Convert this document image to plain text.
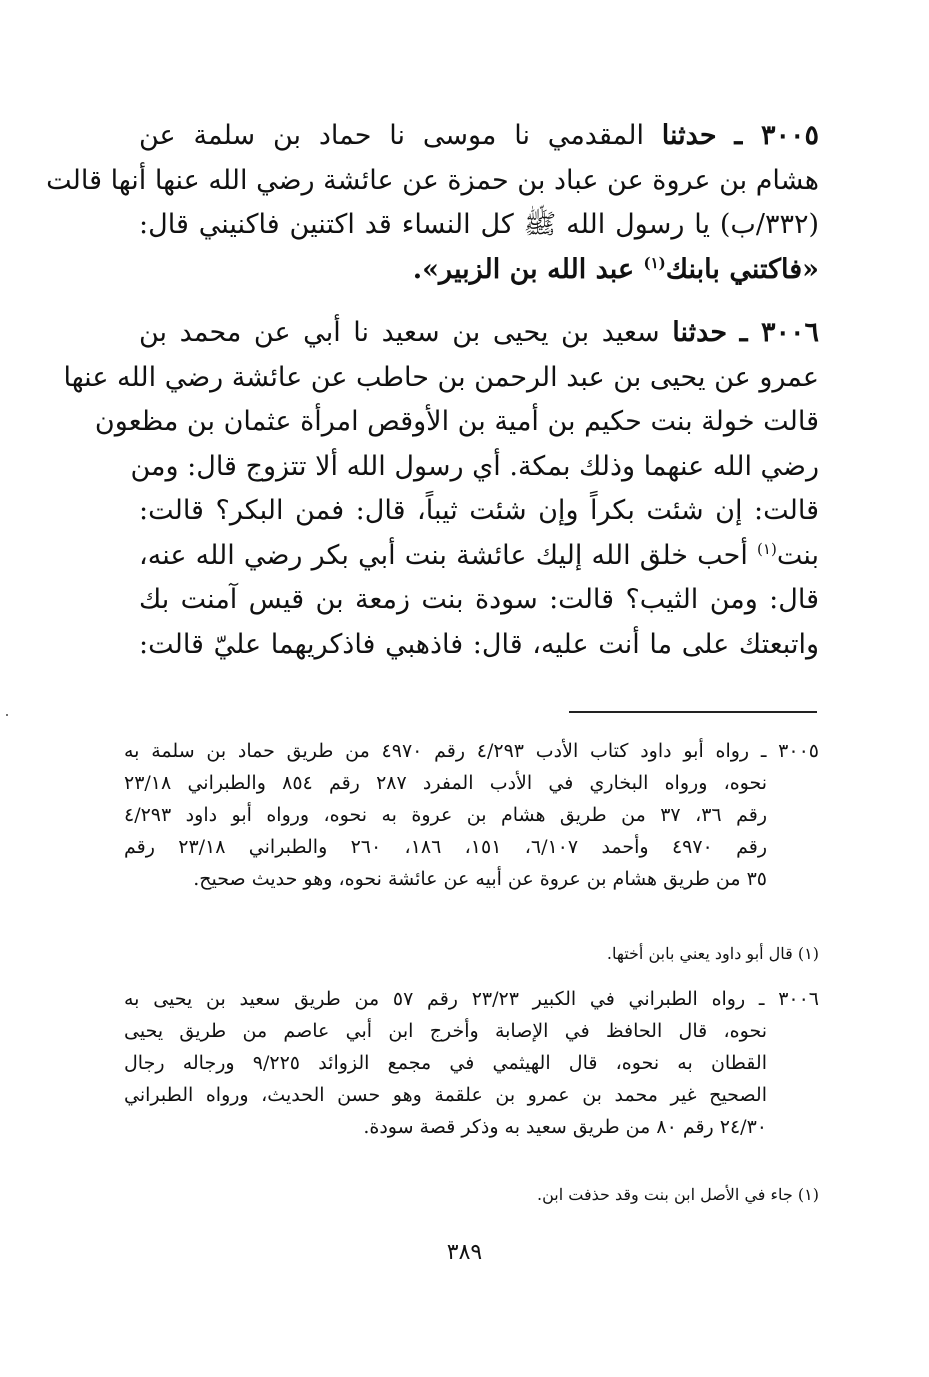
٣٠٠٥ ـ حدثنا المقدمي نا موسى نا حماد بن سلمة عن
هشام بن عروة عن عباد بن حمزة عن عائشة رضي الله عنها أنها قالت
(٣٣٢/ب) يا رسول الله ﷺ كل النساء قد اكتنين فاكنيني قال:
«فاكتني بابنك$^{(١)}$ عبد الله بن الزبير».
٣٠٠٦ ـ حدثنا سعيد بن يحيى بن سعيد نا أبي عن محمد بن
عمرو عن يحيى بن عبد الرحمن بن حاطب عن عائشة رضي الله عنها
قالت خولة بنت حكيم بن أمية بن الأوقص امرأة عثمان بن مظعون
رضي الله عنهما وذلك بمكة. أي رسول الله ألا تتزوج قال: ومن
قالت: إن شئت بكراً وإن شئت ثيباً، قال: فمن البكر؟ قالت:
بنت$^{(١)}$ أحب خلق الله إليك عائشة بنت أبي بكر رضي الله عنه،
قال: ومن الثيب؟ قالت: سودة بنت زمعة بن قيس آمنت بك
واتبعتك على ما أنت عليه، قال: فاذهبي فاذكريهما عليّ قالت:
٣٠٠٥ ـ رواه أبو داود كتاب الأدب ٤/٢٩٣ رقم ٤٩٧٠ من طريق حماد بن سلمة به
نحوه، ورواه البخاري في الأدب المفرد ٢٨٧ رقم ٨٥٤ والطبراني ٢٣/١٨
رقم ٣٦، ٣٧ من طريق هشام بن عروة به نحوه، ورواه أبو داود ٤/٢٩٣
رقم ٤٩٧٠ وأحمد ٦/١٠٧، ١٥١، ١٨٦، ٢٦٠ والطبراني ٢٣/١٨ رقم
٣٥ من طريق هشام بن عروة عن أبيه عن عائشة نحوه، وهو حديث صحيح.
(١) قال أبو داود يعني بابن أختها.
٣٠٠٦ ـ رواه الطبراني في الكبير ٢٣/٢٣ رقم ٥٧ من طريق سعيد بن يحيى به
نحوه، قال الحافظ في الإصابة وأخرج ابن أبي عاصم من طريق يحيى
القطان به نحوه، قال الهيثمي في مجمع الزوائد ٩/٢٢٥ ورجاله رجال
الصحيح غير محمد بن عمرو بن علقمة وهو حسن الحديث، ورواه الطبراني
٢٤/٣٠ رقم ٨٠ من طريق سعيد به وذكر قصة سودة.
(١) جاء في الأصل ابن بنت وقد حذفت ابن.
٣٨٩
